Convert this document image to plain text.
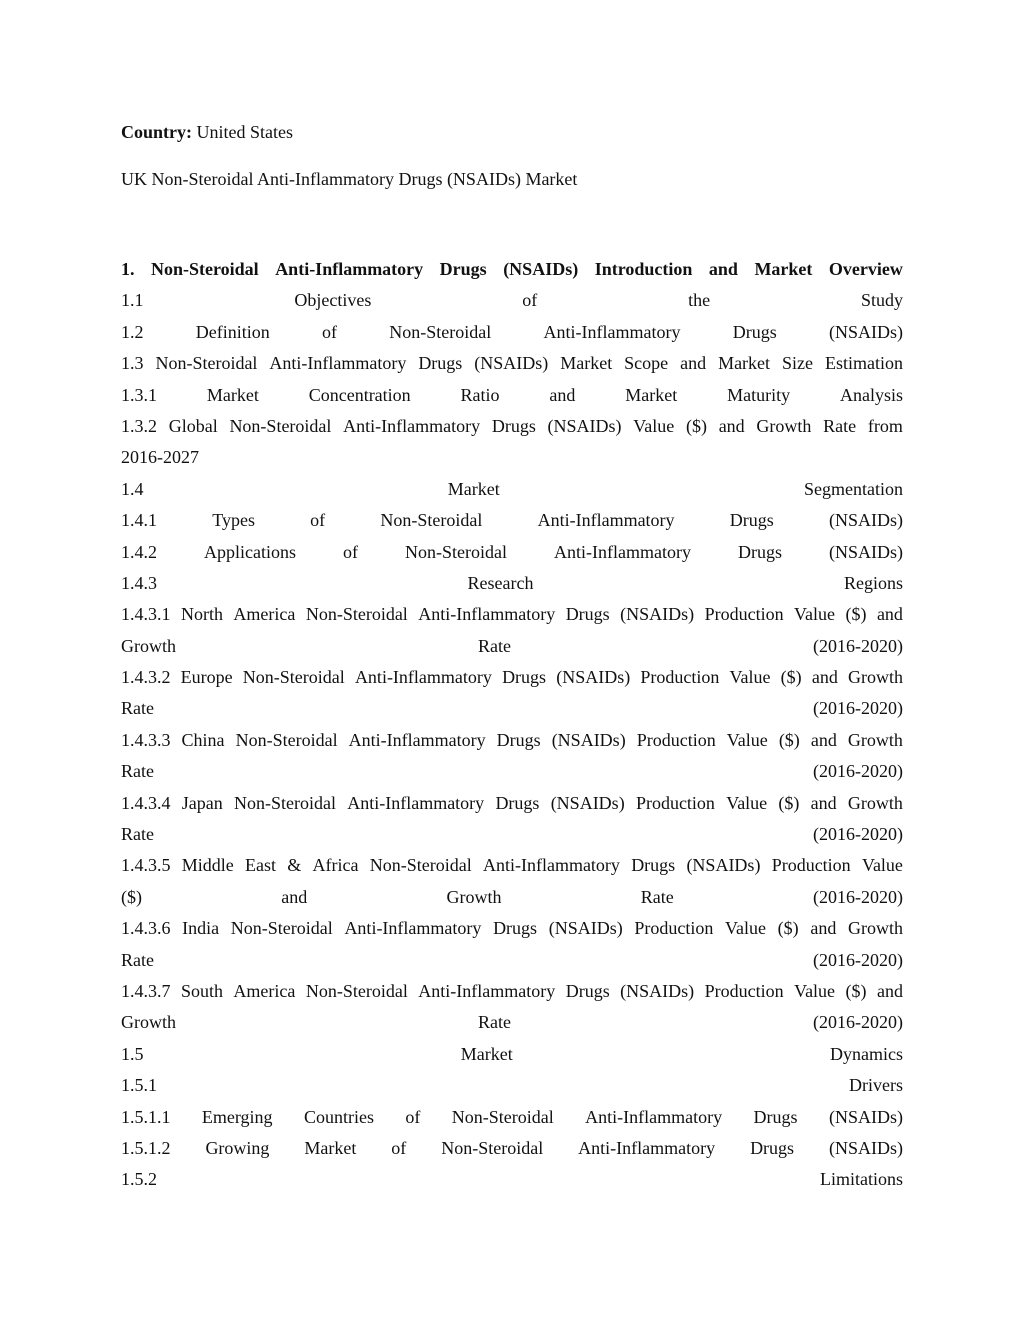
Country: United States

UK Non-Steroidal Anti-Inflammatory Drugs (NSAIDs) Market

1. Non-Steroidal Anti-Inflammatory Drugs (NSAIDs) Introduction and Market Overview
1.1	Objectives	of	the	Study
1.2	Definition	of	Non-Steroidal	Anti-Inflammatory	Drugs	(NSAIDs)
1.3 Non-Steroidal Anti-Inflammatory Drugs (NSAIDs) Market Scope and Market Size Estimation
1.3.1	Market	Concentration	Ratio	and	Market	Maturity	Analysis
1.3.2 Global Non-Steroidal Anti-Inflammatory Drugs (NSAIDs) Value ($) and Growth Rate from
2016-2027
1.4	Market	Segmentation
1.4.1	Types	of	Non-Steroidal	Anti-Inflammatory	Drugs	(NSAIDs)
1.4.2	Applications	of	Non-Steroidal	Anti-Inflammatory	Drugs	(NSAIDs)
1.4.3	Research	Regions
1.4.3.1 North America Non-Steroidal Anti-Inflammatory Drugs (NSAIDs) Production Value ($) and
Growth	Rate	(2016-2020)
1.4.3.2 Europe Non-Steroidal Anti-Inflammatory Drugs (NSAIDs) Production Value ($) and Growth
Rate	(2016-2020)
1.4.3.3 China Non-Steroidal Anti-Inflammatory Drugs (NSAIDs) Production Value ($) and Growth
Rate	(2016-2020)
1.4.3.4 Japan Non-Steroidal Anti-Inflammatory Drugs (NSAIDs) Production Value ($) and Growth
Rate	(2016-2020)
1.4.3.5 Middle East & Africa Non-Steroidal Anti-Inflammatory Drugs (NSAIDs) Production Value
($)	and	Growth	Rate	(2016-2020)
1.4.3.6 India Non-Steroidal Anti-Inflammatory Drugs (NSAIDs) Production Value ($) and Growth
Rate	(2016-2020)
1.4.3.7 South America Non-Steroidal Anti-Inflammatory Drugs (NSAIDs) Production Value ($) and
Growth	Rate	(2016-2020)
1.5	Market	Dynamics
1.5.1	Drivers
1.5.1.1 Emerging Countries of Non-Steroidal Anti-Inflammatory Drugs (NSAIDs)
1.5.1.2 Growing Market of Non-Steroidal Anti-Inflammatory Drugs (NSAIDs)
1.5.2	Limitations
